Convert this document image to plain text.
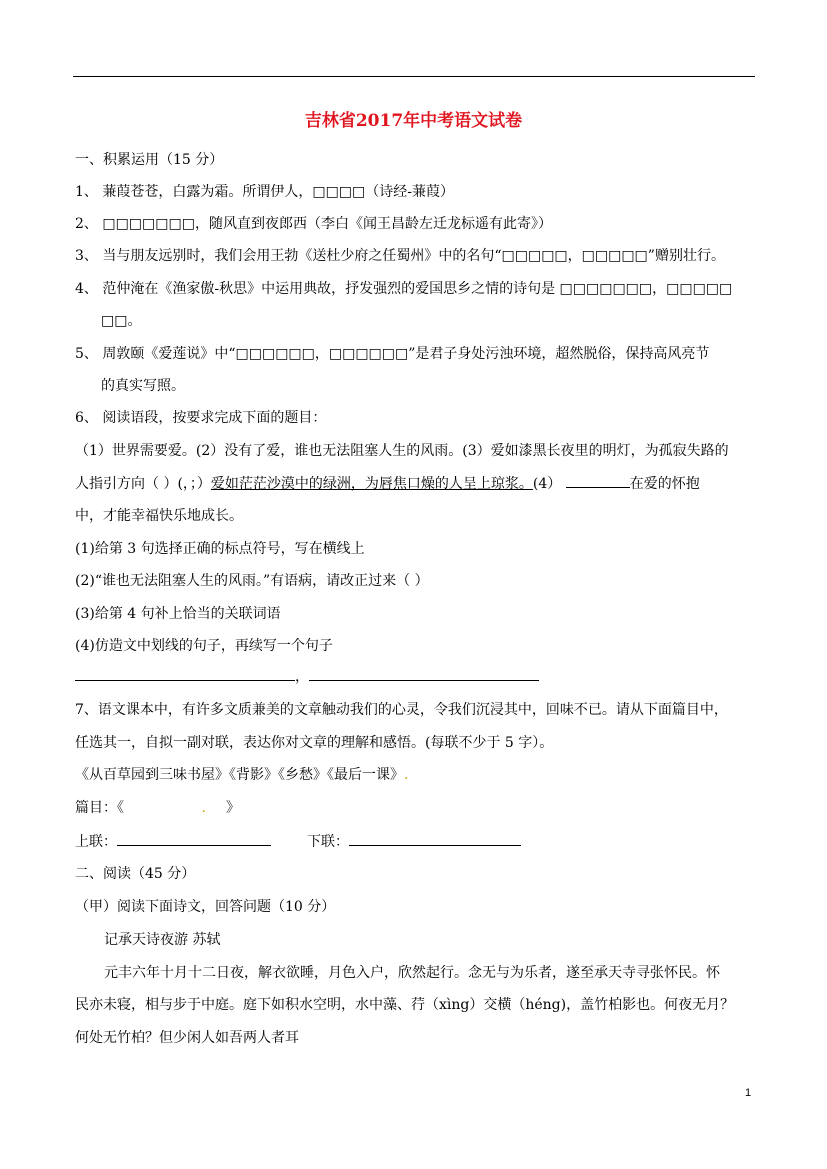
吉林省2017年中考语文试卷
一、积累运用（15 分）
1、 蒹葭苍苍，白露为霜。所谓伊人，□□□□（诗经-蒹葭）
2、 □□□□□□□，随风直到夜郎西（李白《闻王昌龄左迁龙标遥有此寄》）
3、 当与朋友远别时，我们会用王勃《送杜少府之任蜀州》中的名句“□□□□□，□□□□□”赠别壮行。
4、 范仲淹在《渔家傲-秋思》中运用典故，抒发强烈的爱国思乡之情的诗句是 □□□□□□□，□□□□□
□□。
5、 周敦颐《爱莲说》中“□□□□□□，□□□□□□”是君子身处污浊环境，超然脱俗，保持高风亮节
的真实写照。
6、 阅读语段，按要求完成下面的题目：
（1）世界需要爱。(2）没有了爱，谁也无法阻塞人生的风雨。(3）爱如漆黑长夜里的明灯，为孤寂失路的
人指引方向（ ）(，；）爱如茫茫沙漠中的绿洲，为唇焦口燥的人呈上琼浆。(4）	在爱的怀抱
中，才能幸福快乐地成长。
(1)给第 3 句选择正确的标点符号，写在横线上
(2)“谁也无法阻塞人生的风雨。”有语病，请改正过来（ ）
(3)给第 4 句补上恰当的关联词语
(4)仿造文中划线的句子，再续写一个句子
，
7、语文课本中，有许多文质兼美的文章触动我们的心灵，令我们沉浸其中，回味不已。请从下面篇目中，
任选其一，自拟一副对联，表达你对文章的理解和感悟。(每联不少于 5 字）。
《从百草园到三味书屋》《背影》《乡愁》《最后一课》.
篇目：《	. 》
上联：	下联：
二、阅读（45 分）
（甲）阅读下面诗文，回答问题（10 分）
记承天诗夜游 苏轼
元丰六年十月十二日夜，解衣欲睡，月色入户，欣然起行。念无与为乐者，遂至承天寺寻张怀民。怀
民亦未寝，相与步于中庭。庭下如积水空明，水中藻、荇（xìng）交横（héng)，盖竹柏影也。何夜无月？
何处无竹柏？但少闲人如吾两人者耳
1
